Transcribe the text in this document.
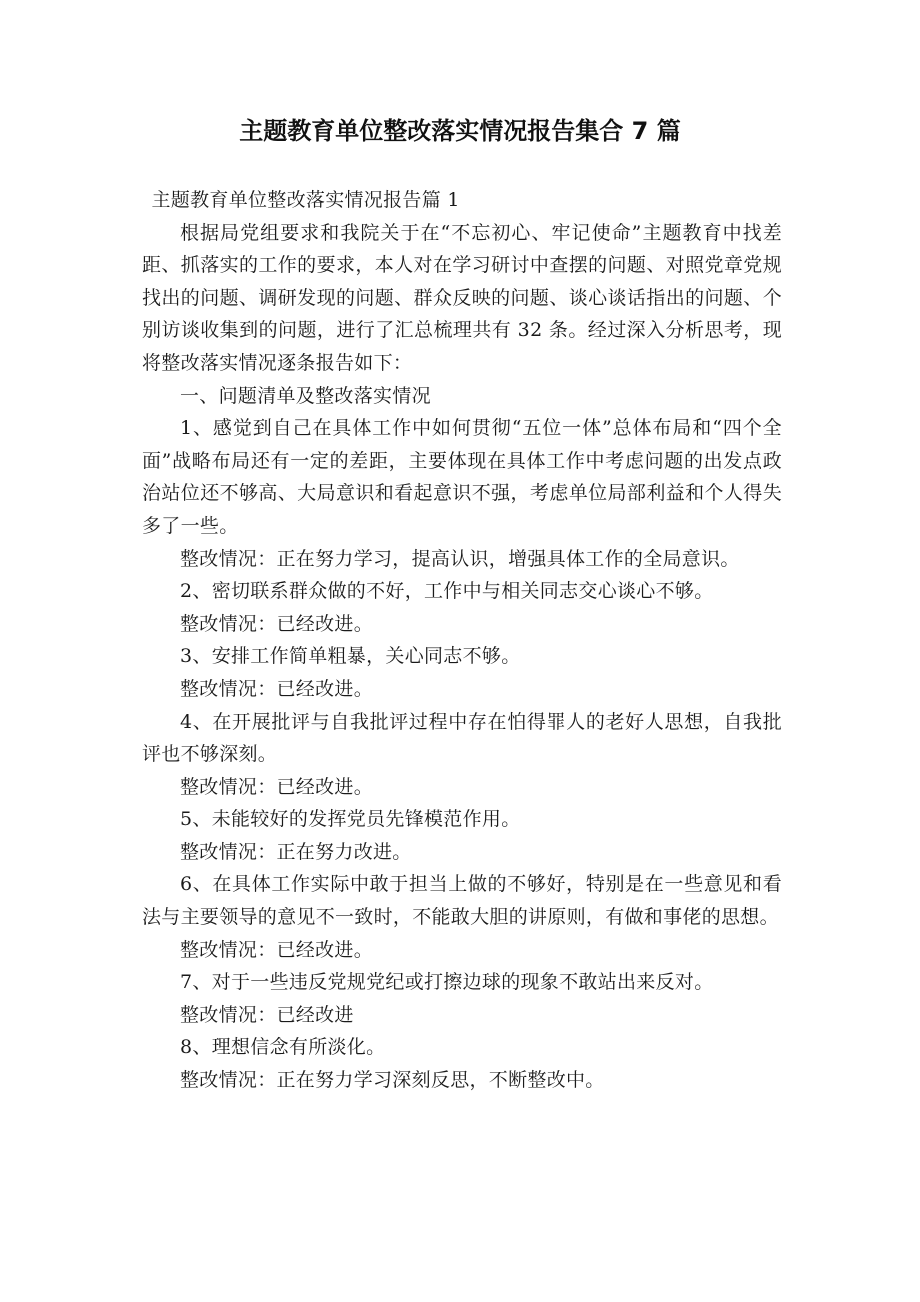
主题教育单位整改落实情况报告集合 7 篇

主题教育单位整改落实情况报告篇 1

根据局党组要求和我院关于在“不忘初心、牢记使命”主题教育中找差距、抓落实的工作的要求，本人对在学习研讨中查摆的问题、对照党章党规找出的问题、调研发现的问题、群众反映的问题、谈心谈话指出的问题、个别访谈收集到的问题，进行了汇总梳理共有 32 条。经过深入分析思考，现将整改落实情况逐条报告如下：

一、问题清单及整改落实情况

1、感觉到自己在具体工作中如何贯彻“五位一体”总体布局和“四个全面”战略布局还有一定的差距，主要体现在具体工作中考虑问题的出发点政治站位还不够高、大局意识和看起意识不强，考虑单位局部利益和个人得失多了一些。

整改情况：正在努力学习，提高认识，增强具体工作的全局意识。

2、密切联系群众做的不好，工作中与相关同志交心谈心不够。

整改情况：已经改进。

3、安排工作简单粗暴，关心同志不够。

整改情况：已经改进。

4、在开展批评与自我批评过程中存在怕得罪人的老好人思想，自我批评也不够深刻。

整改情况：已经改进。

5、未能较好的发挥党员先锋模范作用。

整改情况：正在努力改进。

6、在具体工作实际中敢于担当上做的不够好，特别是在一些意见和看法与主要领导的意见不一致时，不能敢大胆的讲原则，有做和事佬的思想。

整改情况：已经改进。

7、对于一些违反党规党纪或打擦边球的现象不敢站出来反对。

整改情况：已经改进

8、理想信念有所淡化。

整改情况：正在努力学习深刻反思，不断整改中。
